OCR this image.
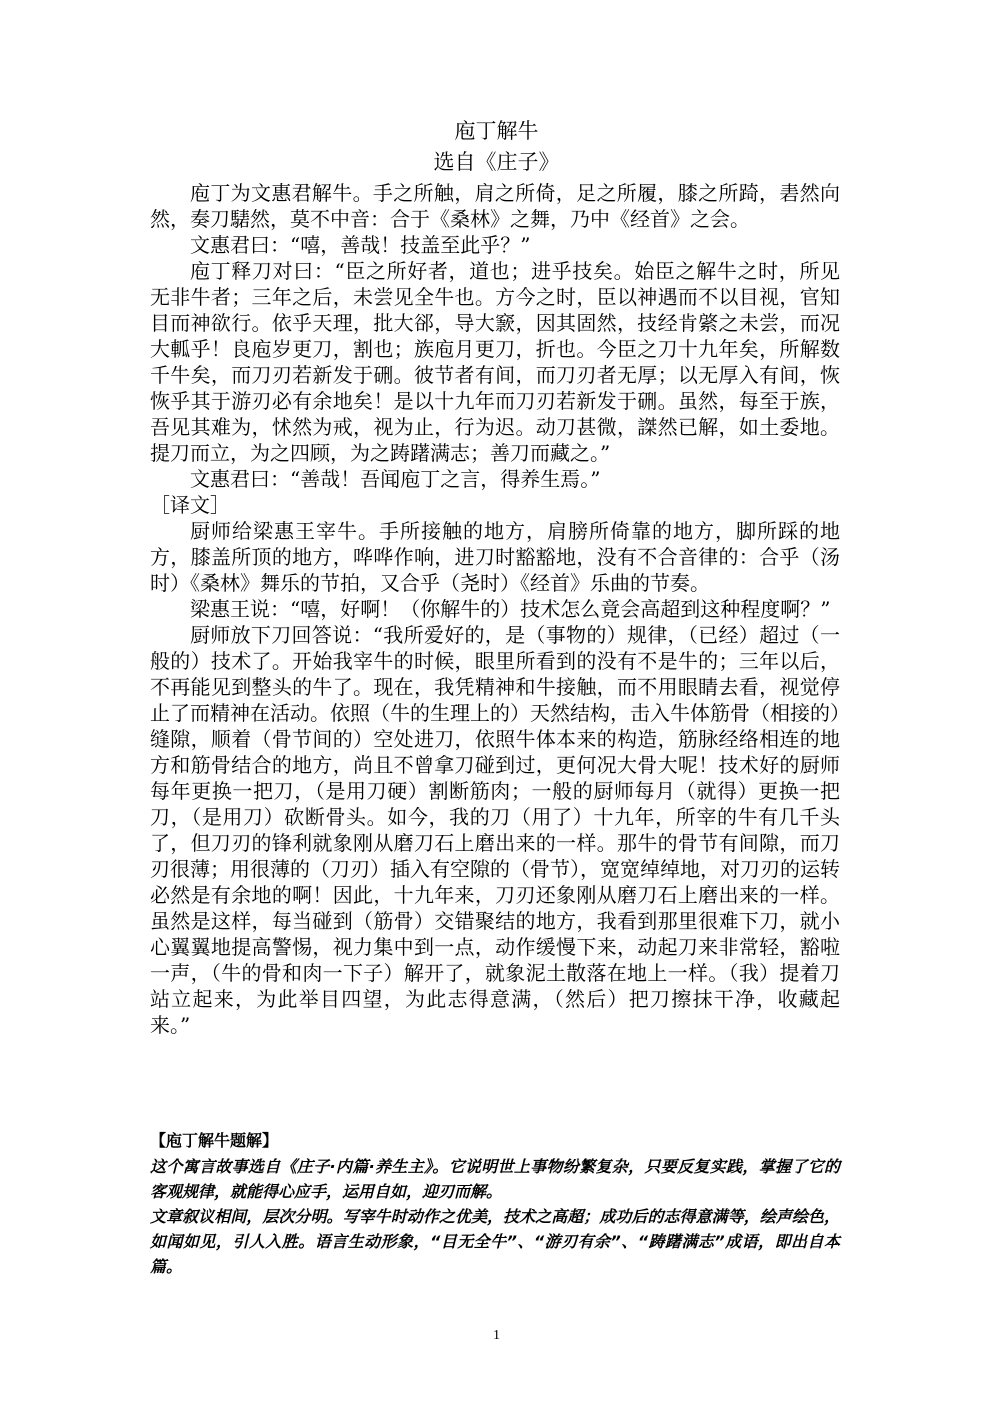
庖丁解牛
选自《庄子》

庖丁为文惠君解牛。手之所触，肩之所倚，足之所履，膝之所踦，砉然向然，奏刀騞然，莫不中音：合于《桑林》之舞，乃中《经首》之会。

文惠君曰：“嘻，善哉！技盖至此乎？”

庖丁释刀对曰：“臣之所好者，道也；进乎技矣。始臣之解牛之时，所见无非牛者；三年之后，未尝见全牛也。方今之时，臣以神遇而不以目视，官知目而神欲行。依乎天理，批大郤，导大窾，因其固然，技经肯綮之未尝，而况大軱乎！良庖岁更刀，割也；族庖月更刀，折也。今臣之刀十九年矣，所解数千牛矣，而刀刃若新发于硎。彼节者有间，而刀刃者无厚；以无厚入有间，恢恢乎其于游刃必有余地矣！是以十九年而刀刃若新发于硎。虽然，每至于族，吾见其难为，怵然为戒，视为止，行为迟。动刀甚微，謋然已解，如土委地。提刀而立，为之四顾，为之踌躇满志；善刀而藏之。”

文惠君曰：“善哉！吾闻庖丁之言，得养生焉。”

［译文］

厨师给梁惠王宰牛。手所接触的地方，肩膀所倚靠的地方，脚所踩的地方，膝盖所顶的地方，哗哗作响，进刀时豁豁地，没有不合音律的：合乎（汤时）《桑林》舞乐的节拍，又合乎（尧时）《经首》乐曲的节奏。

梁惠王说：“嘻，好啊！（你解牛的）技术怎么竟会高超到这种程度啊？”

厨师放下刀回答说：“我所爱好的，是（事物的）规律，（已经）超过（一般的）技术了。开始我宰牛的时候，眼里所看到的没有不是牛的；三年以后，不再能见到整头的牛了。现在，我凭精神和牛接触，而不用眼睛去看，视觉停止了而精神在活动。依照（牛的生理上的）天然结构，击入牛体筋骨（相接的）缝隙，顺着（骨节间的）空处进刀，依照牛体本来的构造，筋脉经络相连的地方和筋骨结合的地方，尚且不曾拿刀碰到过，更何况大骨大呢！技术好的厨师每年更换一把刀，（是用刀硬）割断筋肉；一般的厨师每月（就得）更换一把刀，（是用刀）砍断骨头。如今，我的刀（用了）十九年，所宰的牛有几千头了，但刀刃的锋利就象刚从磨刀石上磨出来的一样。那牛的骨节有间隙，而刀刃很薄；用很薄的（刀刃）插入有空隙的（骨节），宽宽绰绰地，对刀刃的运转必然是有余地的啊！因此，十九年来，刀刃还象刚从磨刀石上磨出来的一样。虽然是这样，每当碰到（筋骨）交错聚结的地方，我看到那里很难下刀，就小心翼翼地提高警惕，视力集中到一点，动作缓慢下来，动起刀来非常轻，豁啦一声，（牛的骨和肉一下子）解开了，就象泥土散落在地上一样。（我）提着刀站立起来，为此举目四望，为此志得意满，（然后）把刀擦抹干净，收藏起来。”

【庖丁解牛题解】

这个寓言故事选自《庄子·内篇·养生主》。它说明世上事物纷繁复杂，只要反复实践，掌握了它的客观规律，就能得心应手，运用自如，迎刃而解。

文章叙议相间，层次分明。写宰牛时动作之优美，技术之高超；成功后的志得意满等，绘声绘色，如闻如见，引人入胜。语言生动形象，“目无全牛”、“游刃有余”、“踌躇满志”成语，即出自本篇。

1
